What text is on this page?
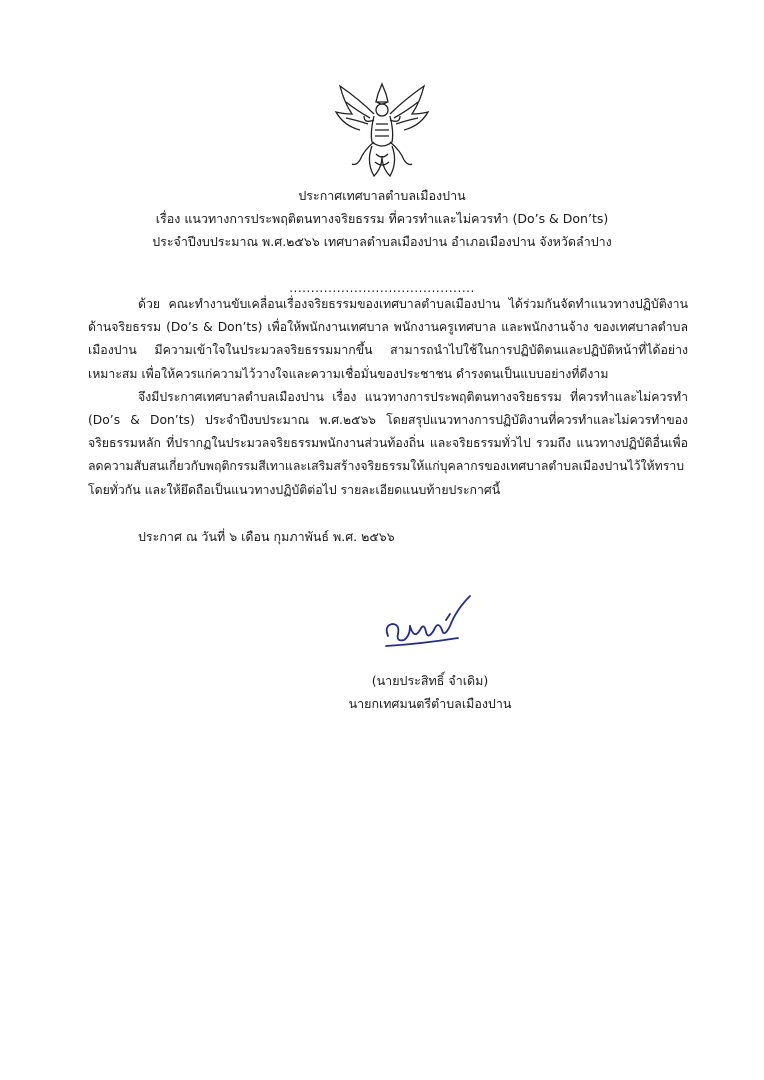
ประกาศเทศบาลตำบลเมืองปาน
เรื่อง แนวทางการประพฤติตนทางจริยธรรม ที่ควรทำและไม่ควรทำ (Do’s & Don’ts)
ประจำปีงบประมาณ พ.ศ.๒๕๖๖ เทศบาลตำบลเมืองปาน อำเภอเมืองปาน จังหวัดลำปาง
...........................................

ด้วย คณะทำงานขับเคลื่อนเรื่องจริยธรรมของเทศบาลตำบลเมืองปาน ได้ร่วมกันจัดทำแนวทางปฏิบัติงานด้านจริยธรรม (Do’s & Don’ts) เพื่อให้พนักงานเทศบาล พนักงานครูเทศบาล และพนักงานจ้าง ของเทศบาลตำบลเมืองปาน มีความเข้าใจในประมวลจริยธรรมมากขึ้น สามารถนำไปใช้ในการปฏิบัติตนและปฏิบัติหน้าที่ได้อย่างเหมาะสม เพื่อให้ควรแก่ความไว้วางใจและความเชื่อมั่นของประชาชน ดำรงตนเป็นแบบอย่างที่ดีงาม

จึงมีประกาศเทศบาลตำบลเมืองปาน เรื่อง แนวทางการประพฤติตนทางจริยธรรม ที่ควรทำและไม่ควรทำ (Do’s & Don’ts) ประจำปีงบประมาณ พ.ศ.๒๕๖๖ โดยสรุปแนวทางการปฏิบัติงานที่ควรทำและไม่ควรทำของจริยธรรมหลัก ที่ปรากฏในประมวลจริยธรรมพนักงานส่วนท้องถิ่น และจริยธรรมทั่วไป รวมถึง แนวทางปฏิบัติอื่นเพื่อลดความสับสนเกี่ยวกับพฤติกรรมสีเทาและเสริมสร้างจริยธรรมให้แก่บุคลากรของเทศบาลตำบลเมืองปานไว้ให้ทราบโดยทั่วกัน และให้ยึดถือเป็นแนวทางปฏิบัติต่อไป รายละเอียดแนบท้ายประกาศนี้

ประกาศ ณ วันที่ ๖ เดือน กุมภาพันธ์ พ.ศ. ๒๕๖๖
(นายประสิทธิ์ จำเดิม)
นายกเทศมนตรีตำบลเมืองปาน
